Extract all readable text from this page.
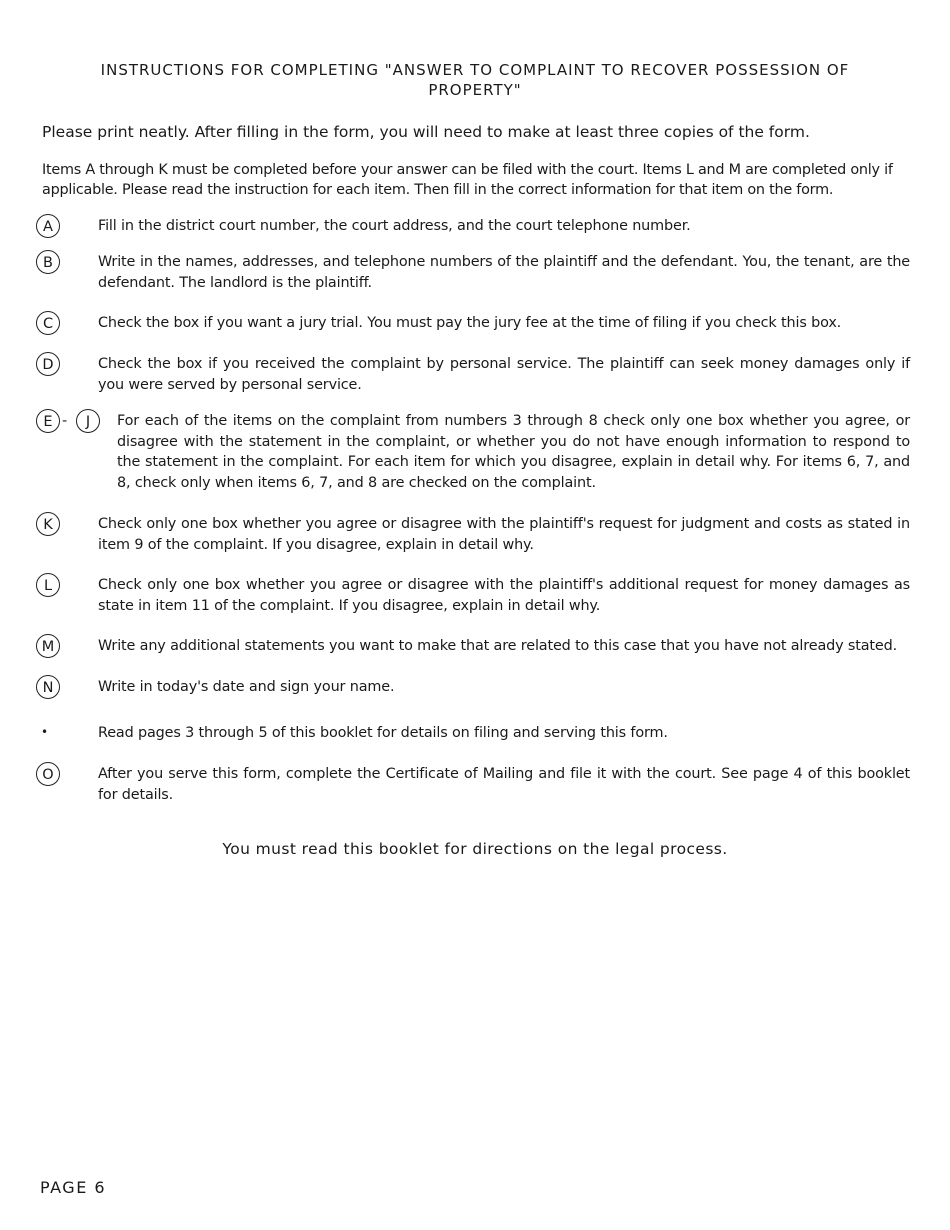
INSTRUCTIONS FOR COMPLETING "ANSWER TO COMPLAINT TO RECOVER POSSESSION OF PROPERTY"
Please print neatly. After filling in the form, you will need to make at least three copies of the form.
Items A through K must be completed before your answer can be filed with the court. Items L and M are completed only if applicable. Please read the instruction for each item. Then fill in the correct information for that item on the form.
A	Fill in the district court number, the court address, and the court telephone number.
B	Write in the names, addresses, and telephone numbers of the plaintiff and the defendant. You, the tenant, are the defendant. The landlord is the plaintiff.
C	Check the box if you want a jury trial. You must pay the jury fee at the time of filing if you check this box.
D	Check the box if you received the complaint by personal service. The plaintiff can seek money damages only if you were served by personal service.
E -	J	For each of the items on the complaint from numbers 3 through 8 check only one box whether you agree, or disagree with the statement in the complaint, or whether you do not have enough information to respond to the statement in the complaint. For each item for which you disagree, explain in detail why. For items 6, 7, and 8, check only when items 6, 7, and 8 are checked on the complaint.
K	Check only one box whether you agree or disagree with the plaintiff's request for judgment and costs as stated in item 9 of the complaint. If you disagree, explain in detail why.
L	Check only one box whether you agree or disagree with the plaintiff's additional request for money damages as state in item 11 of the complaint. If you disagree, explain in detail why.
M	Write any additional statements you want to make that are related to this case that you have not already stated.
N	Write in today's date and sign your name.
•	Read pages 3 through 5 of this booklet for details on filing and serving this form.
O	After you serve this form, complete the Certificate of Mailing and file it with the court. See page 4 of this booklet for details.
You must read this booklet for directions on the legal process.
PAGE 6
